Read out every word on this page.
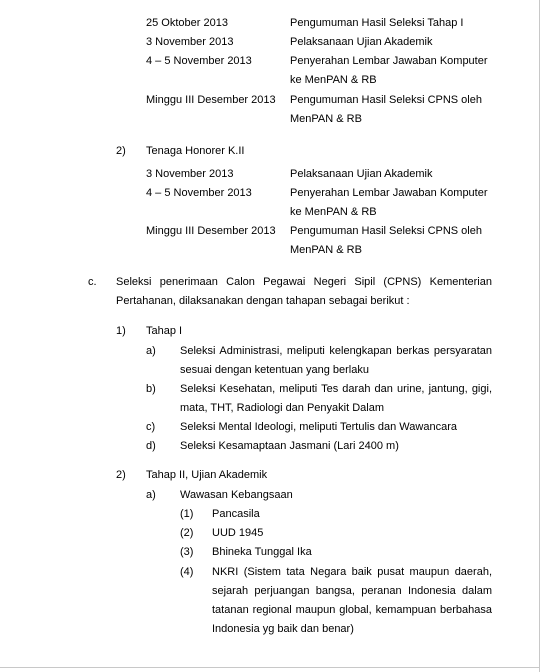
25 Oktober 2013	Pengumuman Hasil Seleksi Tahap I
3 November 2013	Pelaksanaan Ujian Akademik
4 – 5 November 2013	Penyerahan Lembar Jawaban Komputer
ke MenPAN & RB
Minggu III Desember 2013 Pengumuman Hasil Seleksi CPNS oleh
MenPAN & RB
2) Tenaga Honorer K.II
3 November 2013	Pelaksanaan Ujian Akademik
4 – 5 November 2013	Penyerahan Lembar Jawaban Komputer
ke MenPAN & RB
Minggu III Desember 2013 Pengumuman Hasil Seleksi CPNS oleh
MenPAN & RB
c. Seleksi penerimaan Calon Pegawai Negeri Sipil (CPNS) Kementerian
Pertahanan, dilaksanakan dengan tahapan sebagai berikut :
1) Tahap I
a) Seleksi Administrasi, meliputi kelengkapan berkas persyaratan
sesuai dengan ketentuan yang berlaku
b) Seleksi Kesehatan, meliputi Tes darah dan urine, jantung, gigi,
mata, THT, Radiologi dan Penyakit Dalam
c) Seleksi Mental Ideologi, meliputi Tertulis dan Wawancara
d) Seleksi Kesamaptaan Jasmani (Lari 2400 m)
2) Tahap II, Ujian Akademik
a) Wawasan Kebangsaan
(1) Pancasila
(2) UUD 1945
(3) Bhineka Tunggal Ika
(4) NKRI (Sistem tata Negara baik pusat maupun daerah,
sejarah perjuangan bangsa, peranan Indonesia dalam
tatanan regional maupun global, kemampuan berbahasa
Indonesia yg baik dan benar)
